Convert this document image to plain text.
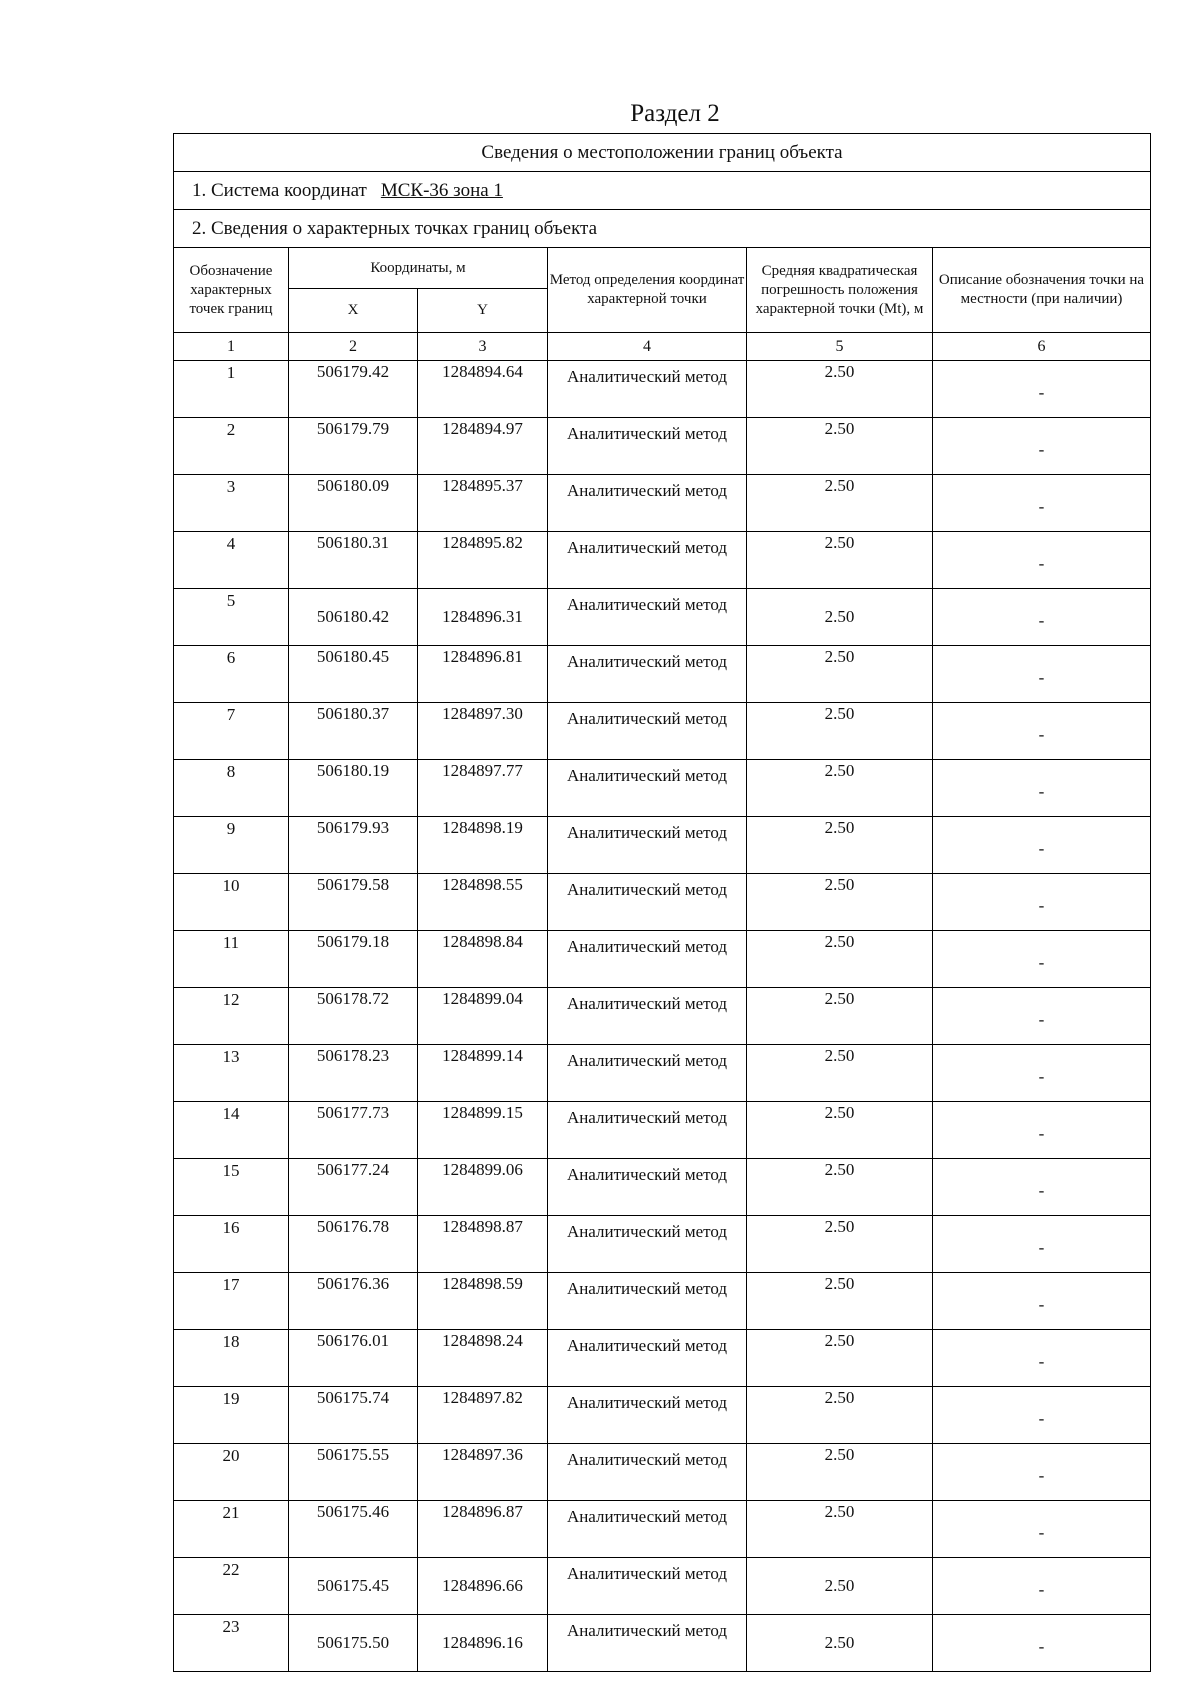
Раздел 2
Сведения о местоположении границ объекта					
1. Система координат МСК-36 зона 1					
2. Сведения о характерных точках границ объекта					
Обозначение характерных точек границ	Координаты, м		Метод определения координат характерной точки	Средняя квадратическая погрешность положения характерной точки (Mt), м	Описание обозначения точки на местности (при наличии)
	X	Y			
1	2	3	4	5	6
1	506179.42	1284894.64	Аналитический метод	2.50	-
2	506179.79	1284894.97	Аналитический метод	2.50	-
3	506180.09	1284895.37	Аналитический метод	2.50	-
4	506180.31	1284895.82	Аналитический метод	2.50	-
5	506180.42	1284896.31	Аналитический метод	2.50	-
6	506180.45	1284896.81	Аналитический метод	2.50	-
7	506180.37	1284897.30	Аналитический метод	2.50	-
8	506180.19	1284897.77	Аналитический метод	2.50	-
9	506179.93	1284898.19	Аналитический метод	2.50	-
10	506179.58	1284898.55	Аналитический метод	2.50	-
11	506179.18	1284898.84	Аналитический метод	2.50	-
12	506178.72	1284899.04	Аналитический метод	2.50	-
13	506178.23	1284899.14	Аналитический метод	2.50	-
14	506177.73	1284899.15	Аналитический метод	2.50	-
15	506177.24	1284899.06	Аналитический метод	2.50	-
16	506176.78	1284898.87	Аналитический метод	2.50	-
17	506176.36	1284898.59	Аналитический метод	2.50	-
18	506176.01	1284898.24	Аналитический метод	2.50	-
19	506175.74	1284897.82	Аналитический метод	2.50	-
20	506175.55	1284897.36	Аналитический метод	2.50	-
21	506175.46	1284896.87	Аналитический метод	2.50	-
22	506175.45	1284896.66	Аналитический метод	2.50	-
23	506175.50	1284896.16	Аналитический метод	2.50	-
